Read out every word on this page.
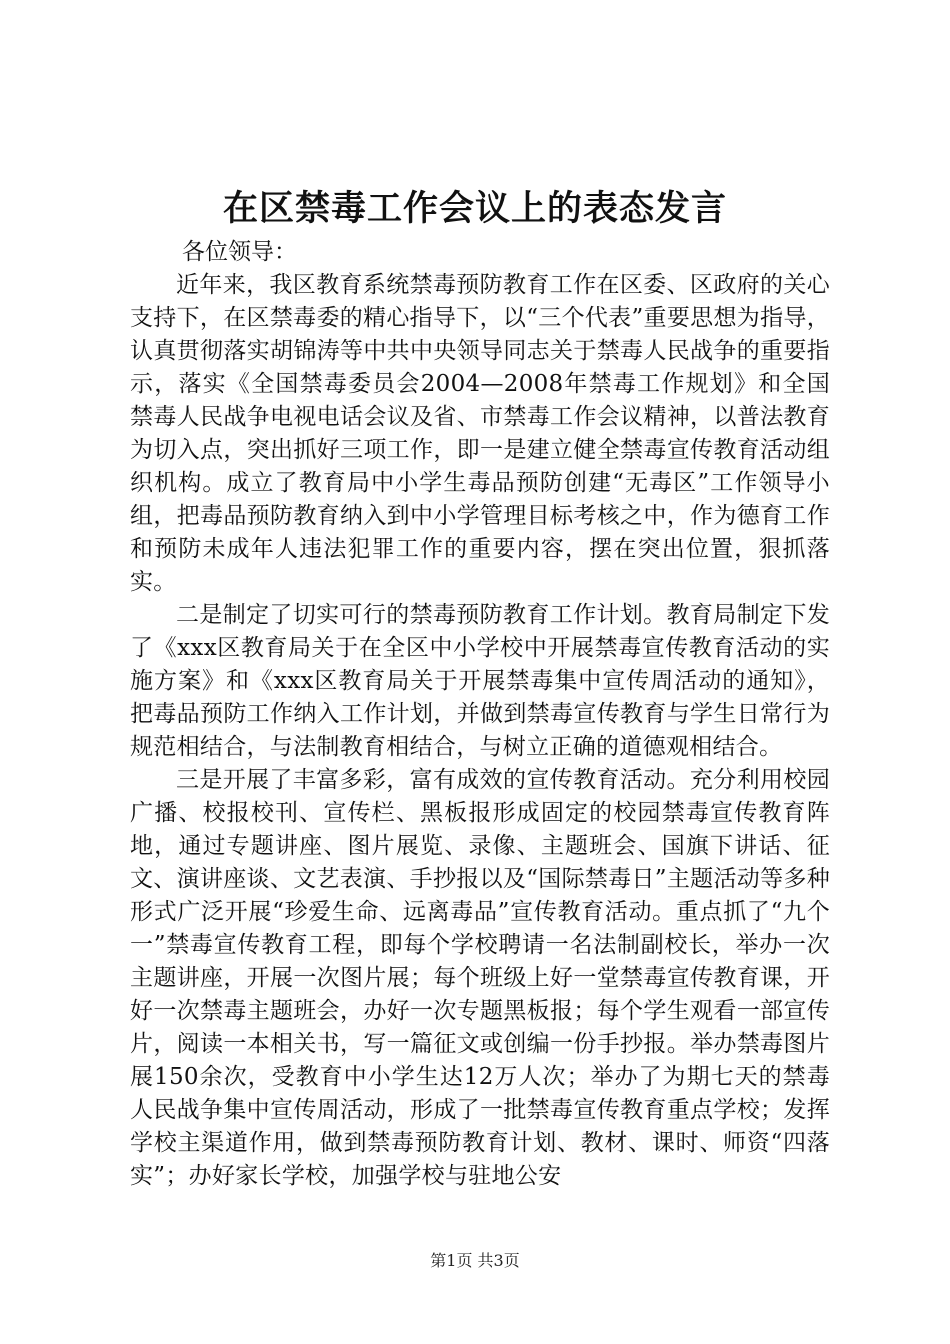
在区禁毒工作会议上的表态发言

各位领导：

近年来，我区教育系统禁毒预防教育工作在区委、区政府的关心支持下，在区禁毒委的精心指导下，以“三个代表”重要思想为指导，认真贯彻落实胡锦涛等中共中央领导同志关于禁毒人民战争的重要指示，落实《全国禁毒委员会2004—2008年禁毒工作规划》和全国禁毒人民战争电视电话会议及省、市禁毒工作会议精神，以普法教育为切入点，突出抓好三项工作，即一是建立健全禁毒宣传教育活动组织机构。成立了教育局中小学生毒品预防创建“无毒区”工作领导小组，把毒品预防教育纳入到中小学管理目标考核之中，作为德育工作和预防未成年人违法犯罪工作的重要内容，摆在突出位置，狠抓落实。

二是制定了切实可行的禁毒预防教育工作计划。教育局制定下发了《xxx区教育局关于在全区中小学校中开展禁毒宣传教育活动的实施方案》和《xxx区教育局关于开展禁毒集中宣传周活动的通知》，把毒品预防工作纳入工作计划，并做到禁毒宣传教育与学生日常行为规范相结合，与法制教育相结合，与树立正确的道德观相结合。

三是开展了丰富多彩，富有成效的宣传教育活动。充分利用校园广播、校报校刊、宣传栏、黑板报形成固定的校园禁毒宣传教育阵地，通过专题讲座、图片展览、录像、主题班会、国旗下讲话、征文、演讲座谈、文艺表演、手抄报以及“国际禁毒日”主题活动等多种形式广泛开展“珍爱生命、远离毒品”宣传教育活动。重点抓了“九个一”禁毒宣传教育工程，即每个学校聘请一名法制副校长，举办一次主题讲座，开展一次图片展；每个班级上好一堂禁毒宣传教育课，开好一次禁毒主题班会，办好一次专题黑板报；每个学生观看一部宣传片，阅读一本相关书，写一篇征文或创编一份手抄报。举办禁毒图片展150余次，受教育中小学生达12万人次；举办了为期七天的禁毒人民战争集中宣传周活动，形成了一批禁毒宣传教育重点学校；发挥学校主渠道作用，做到禁毒预防教育计划、教材、课时、师资“四落实”；办好家长学校，加强学校与驻地公安

第1页 共3页
